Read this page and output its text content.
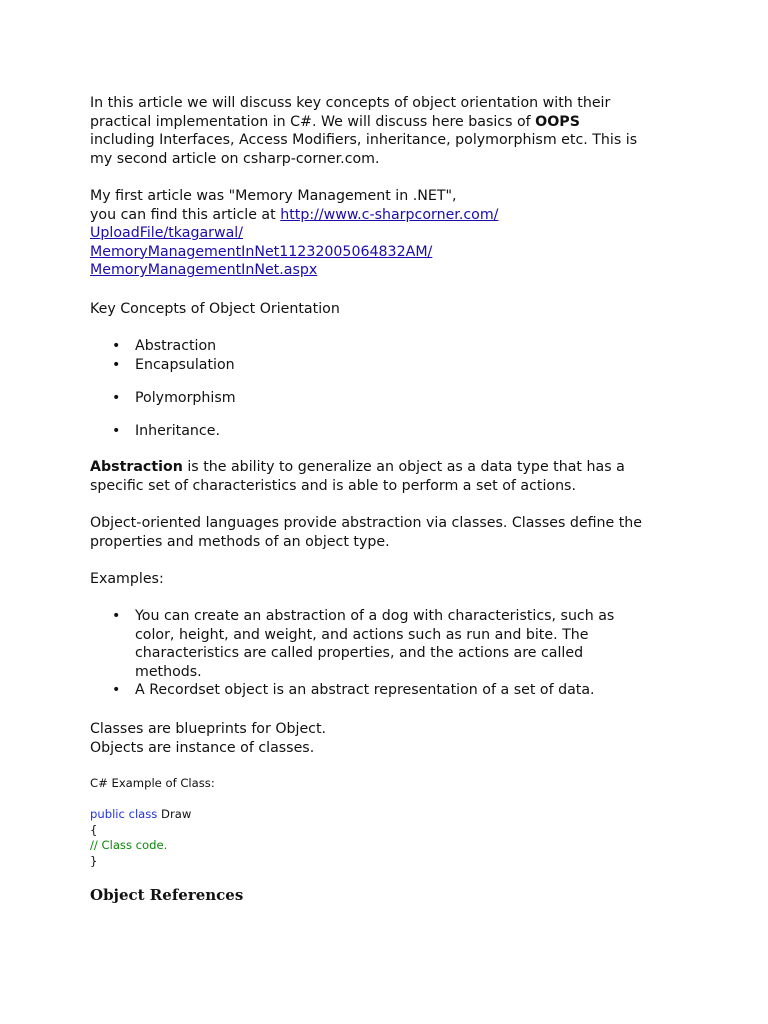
In this article we will discuss key concepts of object orientation with their
practical implementation in C#. We will discuss here basics of OOPS
including Interfaces, Access Modifiers, inheritance, polymorphism etc. This is
my second article on csharp-corner.com.

My first article was "Memory Management in .NET",
you can find this article at http://www.c-sharpcorner.com/
UploadFile/tkagarwal/
MemoryManagementInNet11232005064832AM/
MemoryManagementInNet.aspx

Key Concepts of Object Orientation

• Abstraction
• Encapsulation
• Polymorphism
• Inheritance.

Abstraction is the ability to generalize an object as a data type that has a
specific set of characteristics and is able to perform a set of actions.

Object-oriented languages provide abstraction via classes. Classes define the
properties and methods of an object type.

Examples:

• You can create an abstraction of a dog with characteristics, such as
color, height, and weight, and actions such as run and bite. The
characteristics are called properties, and the actions are called
methods.
• A Recordset object is an abstract representation of a set of data.

Classes are blueprints for Object.
Objects are instance of classes.

C# Example of Class:

public class Draw
{
// Class code.
}
Object References
